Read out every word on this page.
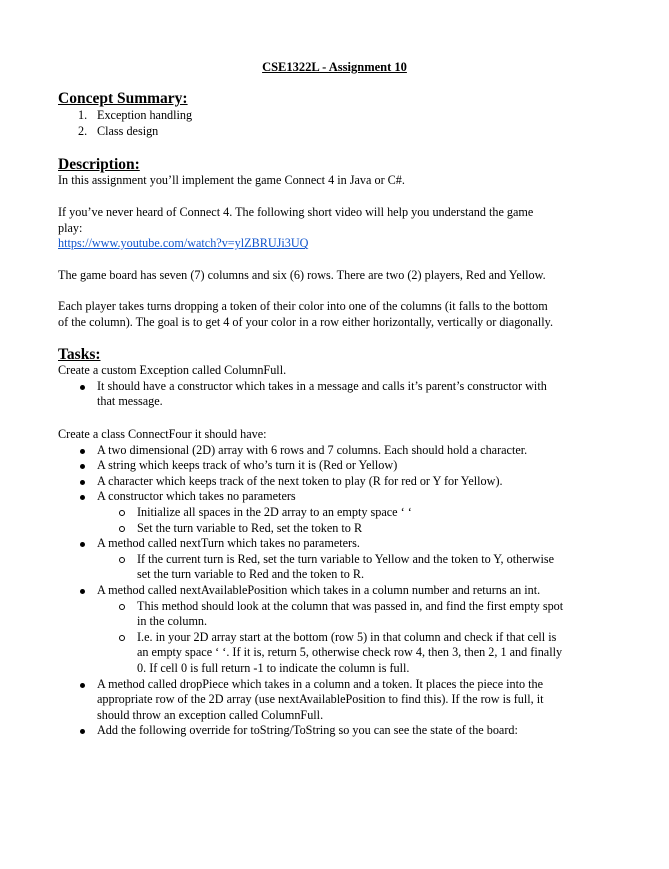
CSE1322L - Assignment 10
Concept Summary:
1. Exception handling
2. Class design
Description:

In this assignment you’ll implement the game Connect 4 in Java or C#.

If you’ve never heard of Connect 4. The following short video will help you understand the game
play:
https://www.youtube.com/watch?v=ylZBRUJi3UQ
The game board has seven (7) columns and six (6) rows. There are two (2) players, Red and Yellow.
Each player takes turns dropping a token of their color into one of the columns (it falls to the bottom
of the column). The goal is to get 4 of your color in a row either horizontally, vertically or diagonally.
Tasks:
Create a custom Exception called ColumnFull.
It should have a constructor which takes in a message and calls it’s parent’s constructor with
that message.
Create a class ConnectFour it should have:
A two dimensional (2D) array with 6 rows and 7 columns. Each should hold a character.
A string which keeps track of who’s turn it is (Red or Yellow)
A character which keeps track of the next token to play (R for red or Y for Yellow).
A constructor which takes no parameters
Initialize all spaces in the 2D array to an empty space ‘ ‘
Set the turn variable to Red, set the token to R
A method called nextTurn which takes no parameters.
If the current turn is Red, set the turn variable to Yellow and the token to Y, otherwise
set the turn variable to Red and the token to R.
A method called nextAvailablePosition which takes in a column number and returns an int.
This method should look at the column that was passed in, and find the first empty spot
in the column.
I.e. in your 2D array start at the bottom (row 5) in that column and check if that cell is
an empty space ‘ ‘. If it is, return 5, otherwise check row 4, then 3, then 2, 1 and finally
0. If cell 0 is full return -1 to indicate the column is full.
A method called dropPiece which takes in a column and a token. It places the piece into the
appropriate row of the 2D array (use nextAvailablePosition to find this). If the row is full, it
should throw an exception called ColumnFull.
Add the following override for toString/ToString so you can see the state of the board:
